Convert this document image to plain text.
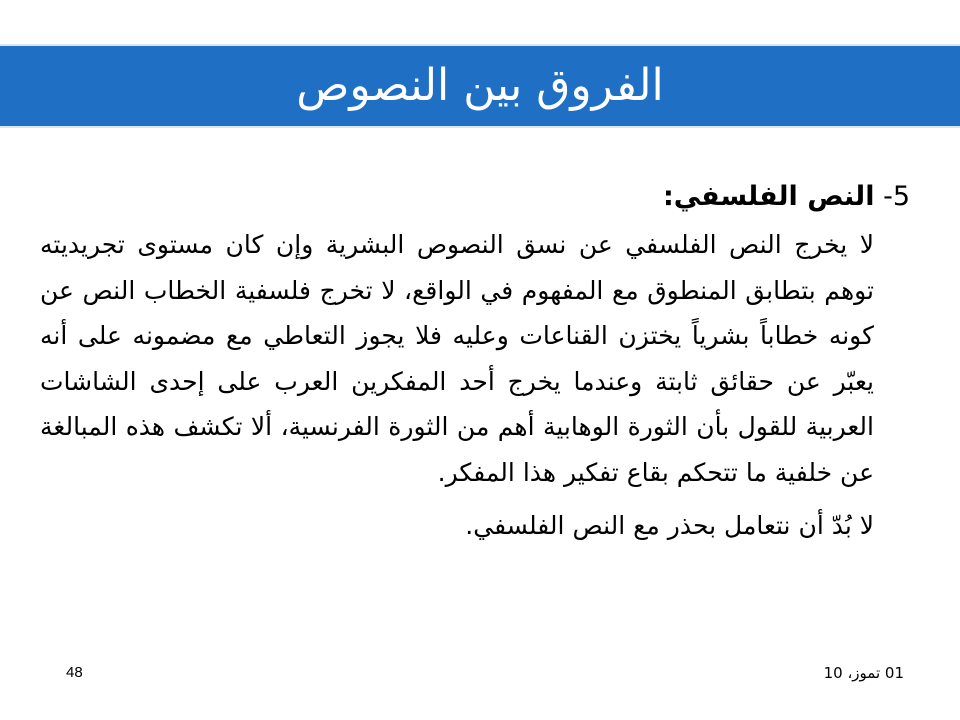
الفروق بين النصوص

5- النص الفلسفي:

لا يخرج النص الفلسفي عن نسق النصوص البشرية وإن كان مستوى تجريديته توهم بتطابق المنطوق مع المفهوم في الواقع، لا تخرج فلسفية الخطاب النص عن كونه خطاباً بشرياً يختزن القناعات وعليه فلا يجوز التعاطي مع مضمونه على أنه يعبّر عن حقائق ثابتة وعندما يخرج أحد المفكرين العرب على إحدى الشاشات العربية للقول بأن الثورة الوهابية أهم من الثورة الفرنسية، ألا تكشف هذه المبالغة عن خلفية ما تتحكم بقاع تفكير هذا المفكر.

لا بُدّ أن نتعامل بحذر مع النص الفلسفي.

48	01 تموز، 10
